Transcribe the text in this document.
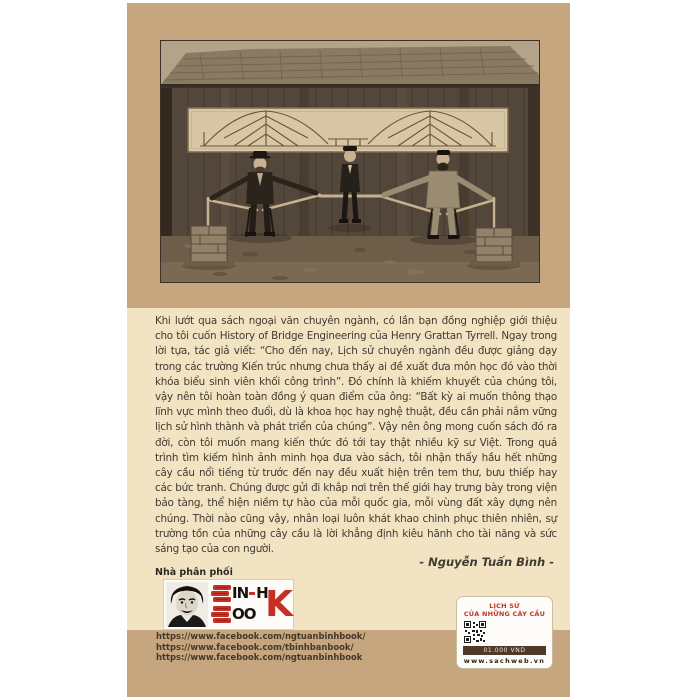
Khi lướt qua sách ngoại văn chuyên ngành, có lần bạn đồng nghiệp giới thiệu cho tôi cuốn History of Bridge Engineering của Henry Grattan Tyrrell. Ngay trong lời tựa, tác giả viết: “Cho đến nay, Lịch sử chuyên ngành đều được giảng dạy trong các trường Kiến trúc nhưng chưa thấy ai đề xuất đưa môn học đó vào thời khóa biểu sinh viên khối công trình”. Đó chính là khiếm khuyết của chúng tôi, vậy nên tôi hoàn toàn đồng ý quan điểm của ông: “Bất kỳ ai muốn thông thạo lĩnh vực mình theo đuổi, dù là khoa học hay nghệ thuật, đều cần phải nắm vững lịch sử hình thành và phát triển của chúng”. Vậy nên ông mong cuốn sách đó ra đời, còn tôi muốn mang kiến thức đó tới tay thật nhiều kỹ sư Việt. Trong quá trình tìm kiếm hình ảnh minh họa đưa vào sách, tôi nhận thấy hầu hết những cây cầu nổi tiếng từ trước đến nay đều xuất hiện trên tem thư, bưu thiếp hay các bức tranh. Chúng được gửi đi khắp nơi trên thế giới hay trưng bày trong viện bảo tàng, thể hiện niềm tự hào của mỗi quốc gia, mỗi vùng đất xây dựng nên chúng. Thời nào cũng vậy, nhân loại luôn khát khao chinh phục thiên nhiên, sự trường tồn của những cây cầu là lời khẳng định kiêu hãnh cho tài năng và sức sáng tạo của con người.

- Nguyễn Tuấn Bình -
Nhà phân phối
IN H
OO K
https://www.facebook.com/ngtuanbinhbook/
https://www.facebook.com/tbinhbanbook/
https://www.facebook.com/ngtuanbinhbook
LỊCH SỬ
CỦA NHỮNG CÂY CẦU
01.000 VND
www.sachweb.vn
